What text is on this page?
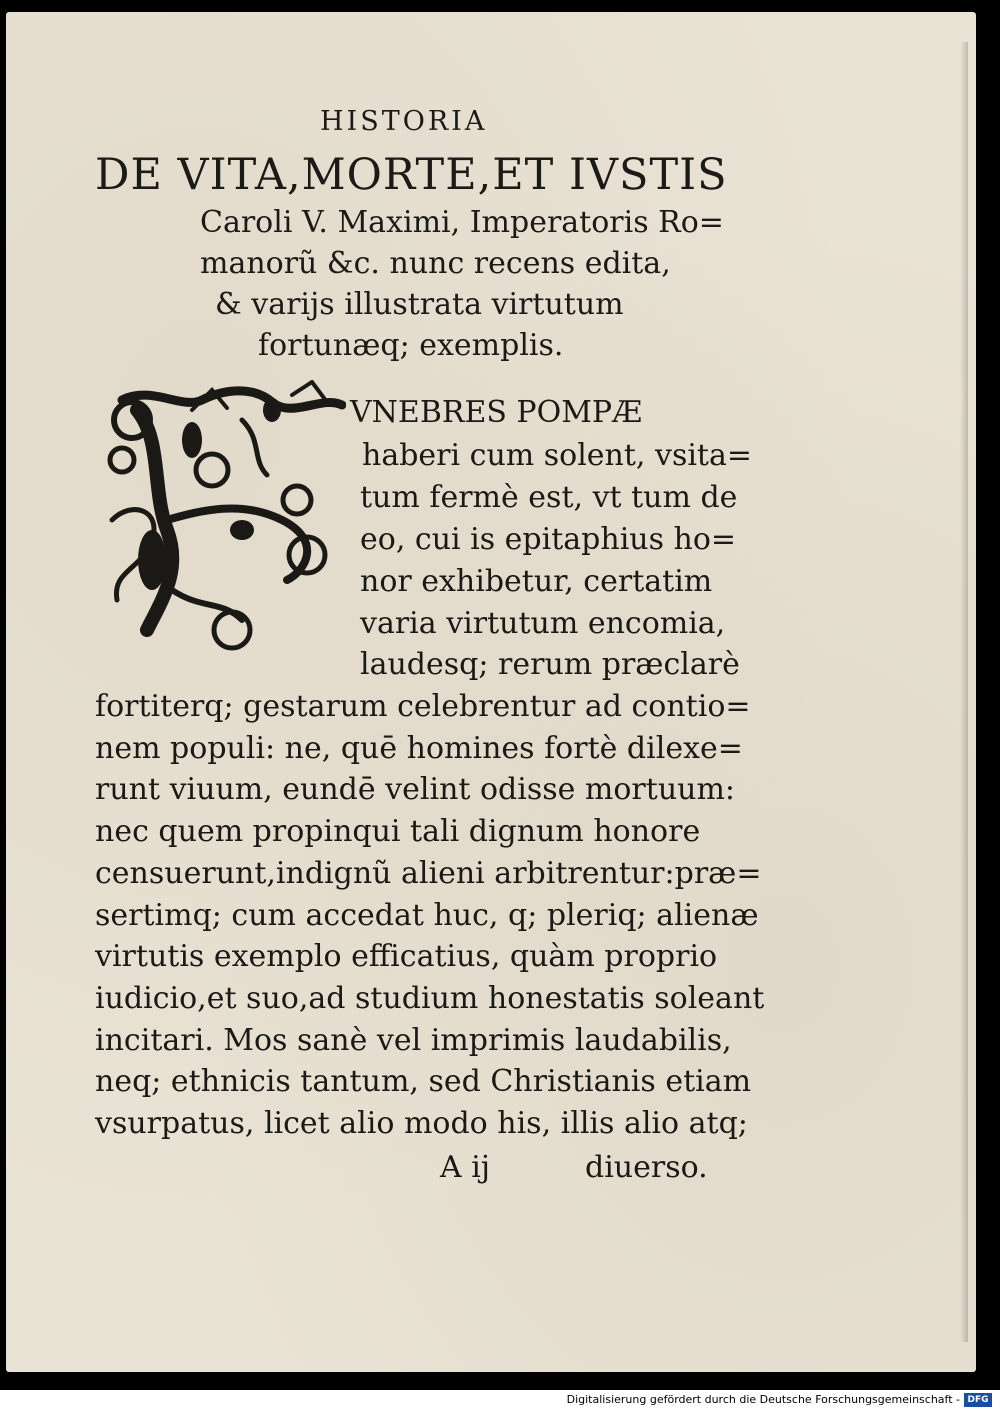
HISTORIA
DE VITA,MORTE,ET IVSTIS
Caroli V. Maximi, Imperatoris Ro=
manorũ &c. nunc recens edita,
& varijs illustrata virtutum
fortunæq; exemplis.
VNEBRES POMPÆ
haberi cum solent, vsita=
tum fermè est, vt tum de
eo, cui is epitaphius ho=
nor exhibetur, certatim
varia virtutum encomia,
laudesq; rerum præclarè
fortiterq; gestarum celebrentur ad contio=
nem populi: ne, quē homines fortè dilexe=
runt viuum, eundē velint odisse mortuum:
nec quem propinqui tali dignum honore
censuerunt,indignũ alieni arbitrentur:præ=
sertimq; cum accedat huc, q; pleriq; alienæ
virtutis exemplo efficatius, quàm proprio
iudicio,et suo,ad studium honestatis soleant
incitari. Mos sanè vel imprimis laudabilis,
neq; ethnicis tantum, sed Christianis etiam
vsurpatus, licet alio modo his, illis alio atq;
A ij	diuerso.
Digitalisierung gefördert durch die Deutsche Forschungsgemeinschaft - DFG
